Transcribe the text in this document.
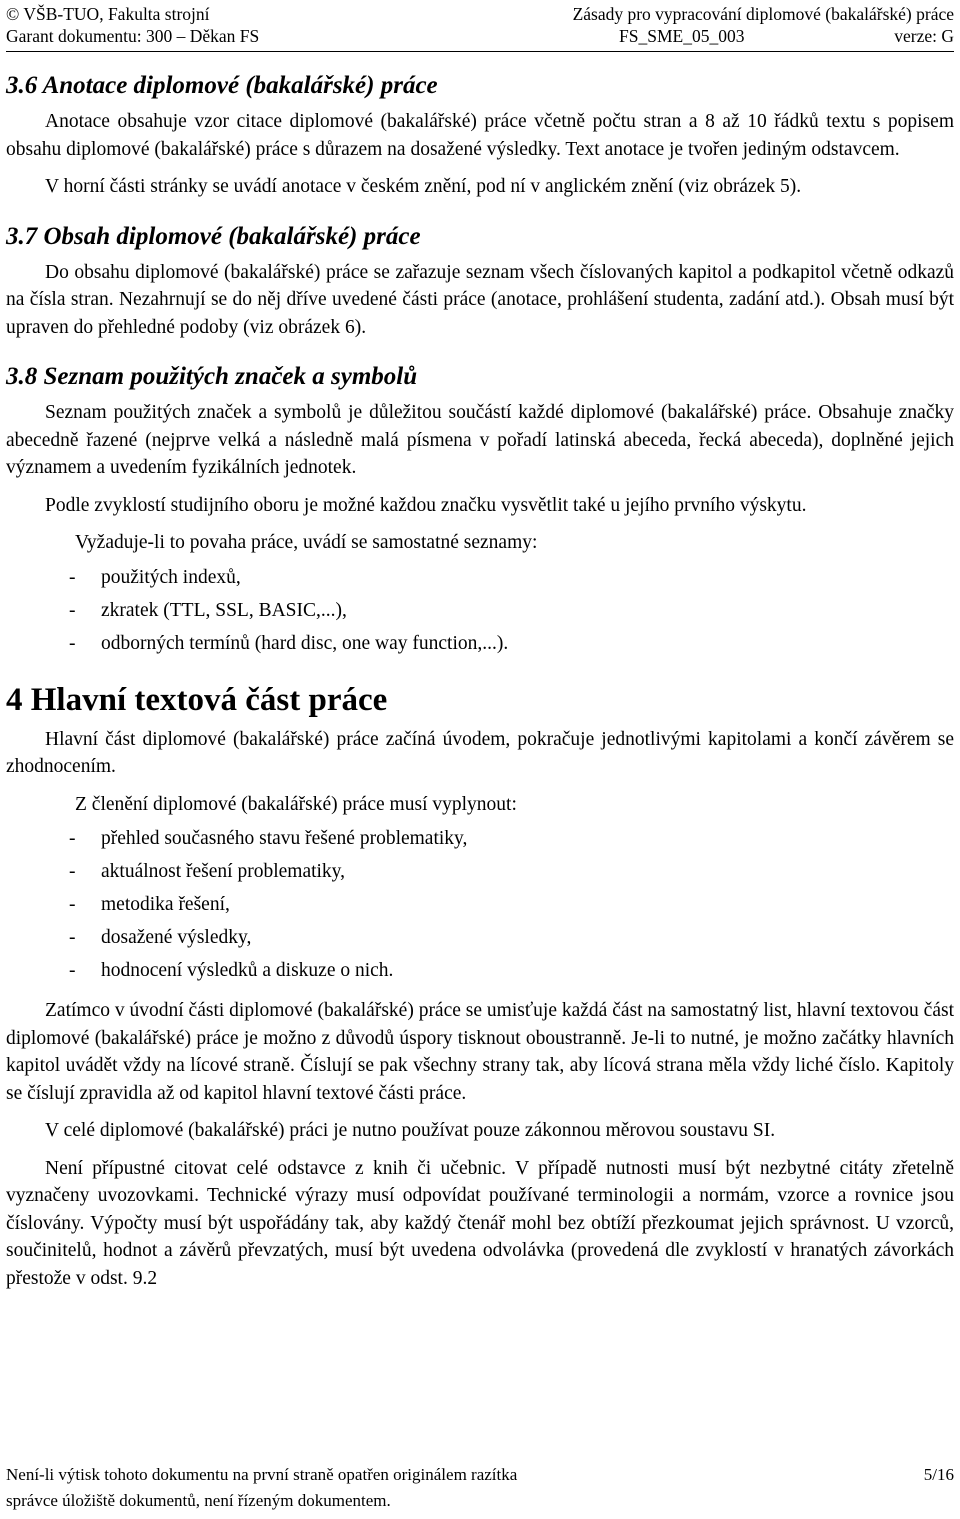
© VŠB-TUO, Fakulta strojní	Zásady pro vypracování diplomové (bakalářské) práce
Garant dokumentu: 300 – Děkan FS	FS_SME_05_003	verze: G
3.6 Anotace diplomové (bakalářské) práce

Anotace obsahuje vzor citace diplomové (bakalářské) práce včetně počtu stran a 8 až 10 řádků textu s popisem obsahu diplomové (bakalářské) práce s důrazem na dosažené výsledky. Text anotace je tvořen jediným odstavcem.

V horní části stránky se uvádí anotace v českém znění, pod ní v anglickém znění (viz obrázek 5).

3.7 Obsah diplomové (bakalářské) práce

Do obsahu diplomové (bakalářské) práce se zařazuje seznam všech číslovaných kapitol a podkapitol včetně odkazů na čísla stran. Nezahrnují se do něj dříve uvedené části práce (anotace, prohlášení studenta, zadání atd.). Obsah musí být upraven do přehledné podoby (viz obrázek 6).

3.8 Seznam použitých značek a symbolů

Seznam použitých značek a symbolů je důležitou součástí každé diplomové (bakalářské) práce. Obsahuje značky abecedně řazené (nejprve velká a následně malá písmena v pořadí latinská abeceda, řecká abeceda), doplněné jejich významem a uvedením fyzikálních jednotek.

Podle zvyklostí studijního oboru je možné každou značku vysvětlit také u jejího prvního výskytu.

Vyžaduje-li to povaha práce, uvádí se samostatné seznamy:

- použitých indexů,
- zkratek (TTL, SSL, BASIC,...),
- odborných termínů (hard disc, one way function,...).
4 Hlavní textová část práce

Hlavní část diplomové (bakalářské) práce začíná úvodem, pokračuje jednotlivými kapitolami a končí závěrem se zhodnocením.

Z členění diplomové (bakalářské) práce musí vyplynout:

- přehled současného stavu řešené problematiky,
- aktuálnost řešení problematiky,
- metodika řešení,
- dosažené výsledky,
- hodnocení výsledků a diskuze o nich.

Zatímco v úvodní části diplomové (bakalářské) práce se umisťuje každá část na samostatný list, hlavní textovou část diplomové (bakalářské) práce je možno z důvodů úspory tisknout oboustranně. Je-li to nutné, je možno začátky hlavních kapitol uvádět vždy na lícové straně. Číslují se pak všechny strany tak, aby lícová strana měla vždy liché číslo. Kapitoly se číslují zpravidla až od kapitol hlavní textové části práce.

V celé diplomové (bakalářské) práci je nutno používat pouze zákonnou měrovou soustavu SI.

Není přípustné citovat celé odstavce z knih či učebnic. V případě nutnosti musí být nezbytné citáty zřetelně vyznačeny uvozovkami. Technické výrazy musí odpovídat používané terminologii a normám, vzorce a rovnice jsou číslovány. Výpočty musí být uspořádány tak, aby každý čtenář mohl bez obtíží přezkoumat jejich správnost. U vzorců, součinitelů, hodnot a závěrů převzatých, musí být uvedena odvolávka (provedená dle zvyklostí v hranatých závorkách přestože v odst. 9.2

Není-li výtisk tohoto dokumentu na první straně opatřen originálem razítka	5/16
správce úložiště dokumentů, není řízeným dokumentem.
